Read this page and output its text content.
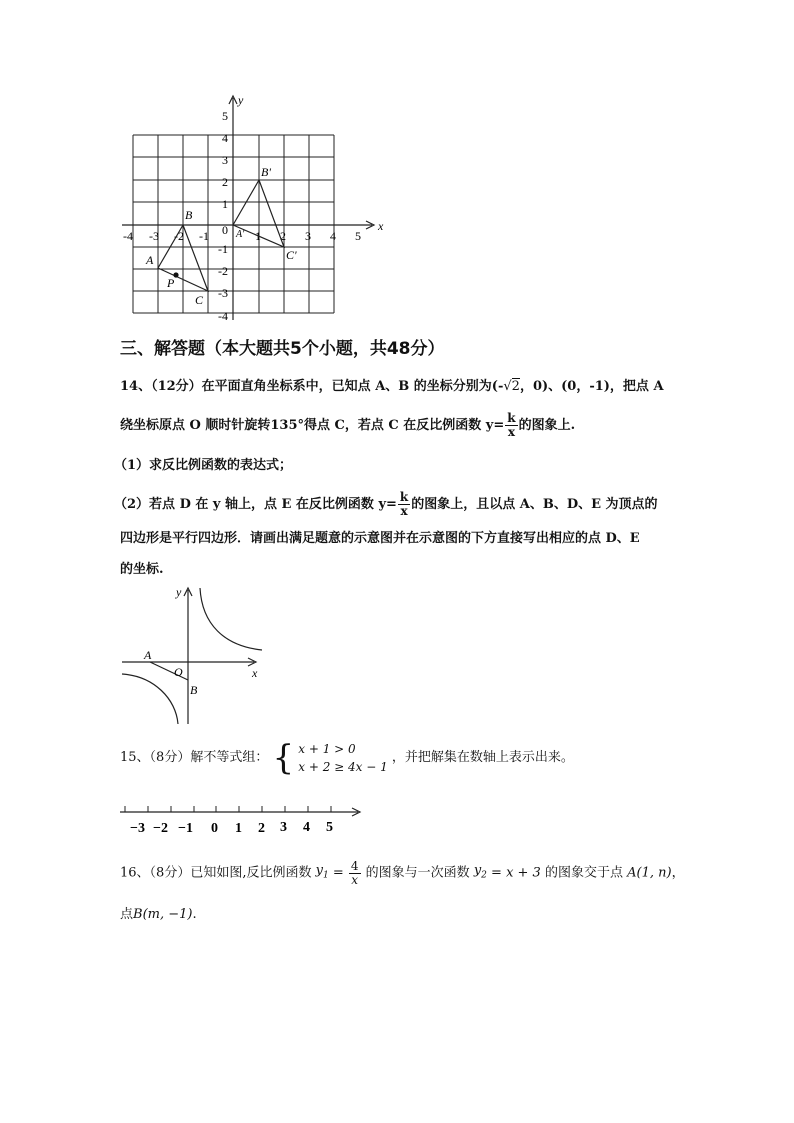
y
x
-4 -3 -2 -1 0 1 2 3 4 5
5
4
3
2
1
-1
-2
-3
-4
A
B
C
P
A'
B'
C'
三、解答题（本大题共5个小题，共48分）
14、（12分）在平面直角坐标系中，已知点 A、B 的坐标分别为(-√2，0)、(0，-1)，把点 A
绕坐标原点 O 顺时针旋转135°得点 C，若点 C 在反比例函数 $y= \frac{k}{x}$ 的图象上.
（1）求反比例函数的表达式；
（2）若点 D 在 y 轴上，点 E 在反比例函数 $y= \frac{k}{x}$ 的图象上，且以点 A、B、D、E 为顶点的
四边形是平行四边形．请画出满足题意的示意图并在示意图的下方直接写出相应的点 D、E
的坐标.
y
x
O
A
B
15、（8分）解不等式组： { x + 1 > 0
x + 2 ≥ 4x − 1
，并把解集在数轴上表示出来。
−3 −2 −1 0 1 2 3 4 5
16、（8分）已知如图,反比例函数 $y_1 = \frac{4}{x}$ 的图象与一次函数 $y_2 = x + 3$ 的图象交于点 A(1, n)，
点B(m, −1).
